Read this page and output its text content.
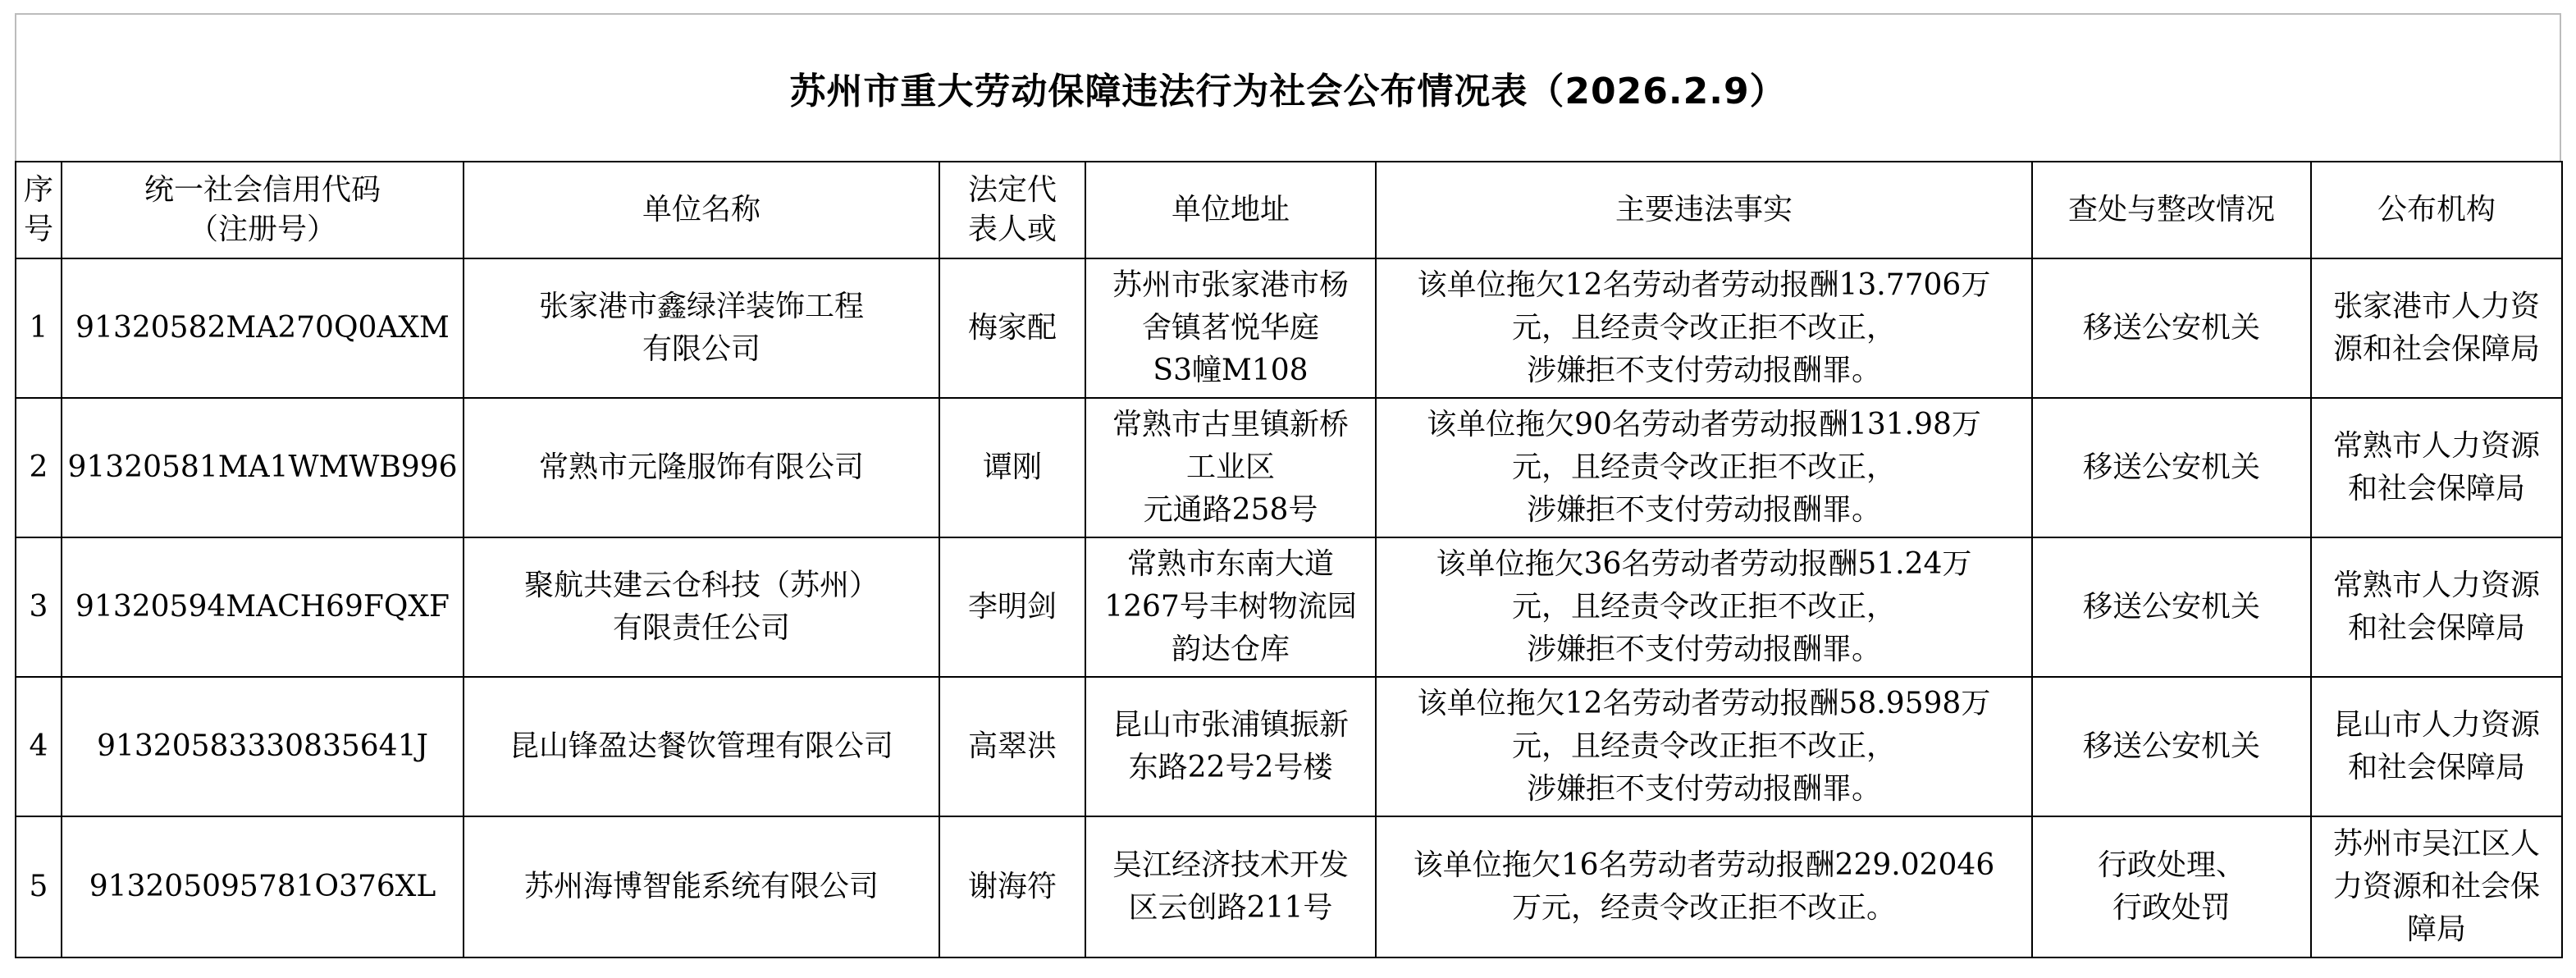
苏州市重大劳动保障违法行为社会公布情况表（2026.2.9）
序
号	统一社会信用代码
（注册号）	单位名称	法定代
表人或	单位地址	主要违法事实	查处与整改情况	公布机构
1	91320582MA270Q0AXM	张家港市鑫绿洋装饰工程
有限公司	梅家配	苏州市张家港市杨
舍镇茗悦华庭
S3幢M108	该单位拖欠12名劳动者劳动报酬13.7706万
元，且经责令改正拒不改正，
涉嫌拒不支付劳动报酬罪。	移送公安机关	张家港市人力资
源和社会保障局
2	91320581MA1WMWB996	常熟市元隆服饰有限公司	谭刚	常熟市古里镇新桥
工业区
元通路258号	该单位拖欠90名劳动者劳动报酬131.98万
元，且经责令改正拒不改正，
涉嫌拒不支付劳动报酬罪。	移送公安机关	常熟市人力资源
和社会保障局
3	91320594MACH69FQXF	聚航共建云仓科技（苏州）
有限责任公司	李明剑	常熟市东南大道
1267号丰树物流园
韵达仓库	该单位拖欠36名劳动者劳动报酬51.24万
元，且经责令改正拒不改正，
涉嫌拒不支付劳动报酬罪。	移送公安机关	常熟市人力资源
和社会保障局
4	91320583330835641J	昆山锋盈达餐饮管理有限公司	高翠洪	昆山市张浦镇振新
东路22号2号楼	该单位拖欠12名劳动者劳动报酬58.9598万
元，且经责令改正拒不改正，
涉嫌拒不支付劳动报酬罪。	移送公安机关	昆山市人力资源
和社会保障局
5	913205095781O376XL	苏州海博智能系统有限公司	谢海符	吴江经济技术开发
区云创路211号	该单位拖欠16名劳动者劳动报酬229.02046
万元，经责令改正拒不改正。	行政处理、
行政处罚	苏州市吴江区人
力资源和社会保
障局
